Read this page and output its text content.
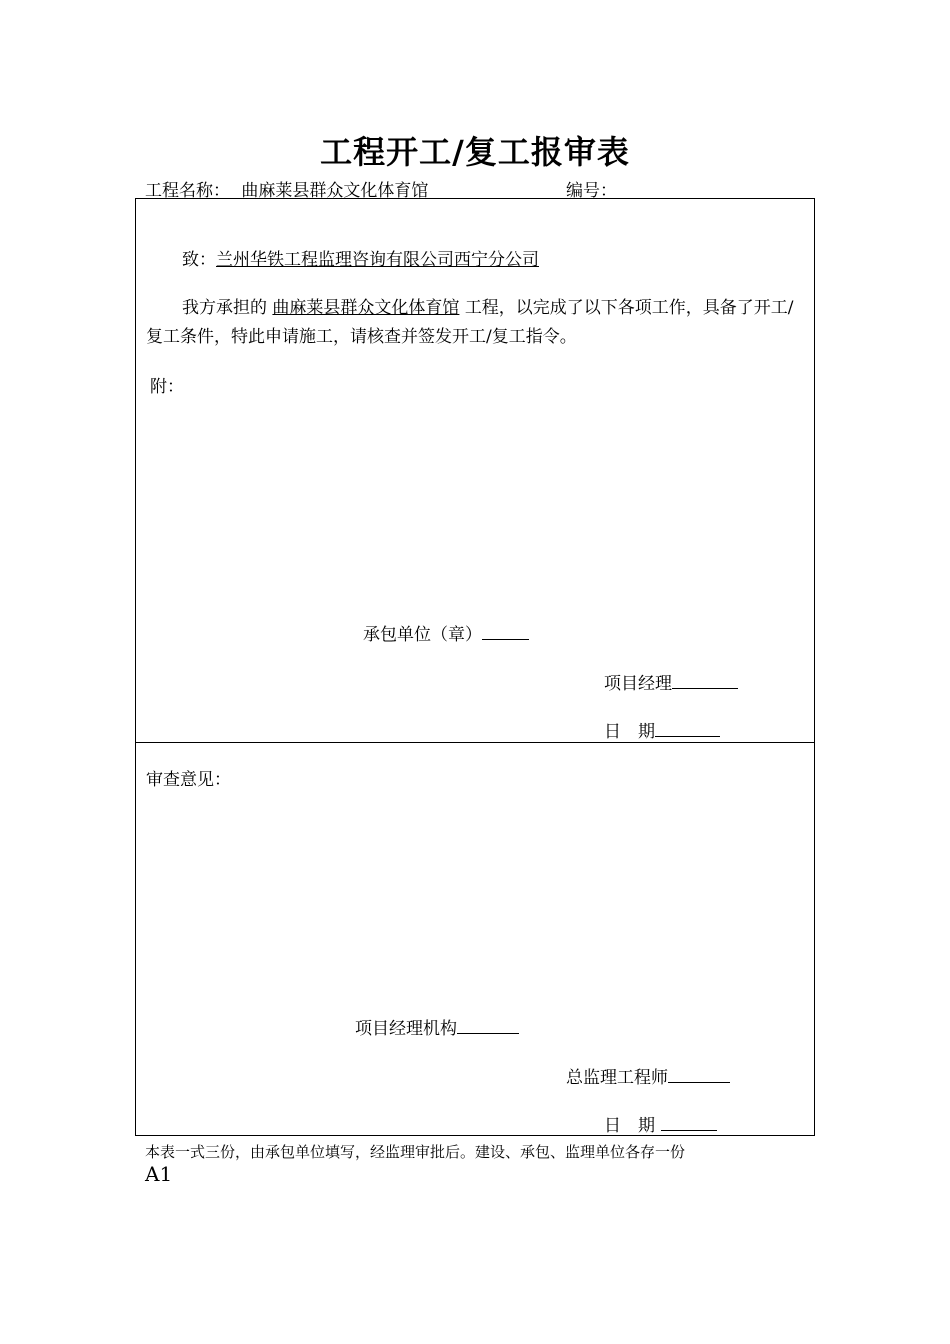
工程开工/复工报审表
工程名称： 曲麻莱县群众文化体育馆	编号：
致：兰州华铁工程监理咨询有限公司西宁分公司
我方承担的 曲麻莱县群众文化体育馆 工程，以完成了以下各项工作，具备了开工/复工条件，特此申请施工，请核查并签发开工/复工指令。
附：
承包单位（章）
项目经理
日　期
审查意见：
项目经理机构
总监理工程师
日　期
本表一式三份，由承包单位填写，经监理审批后。建设、承包、监理单位各存一份
A1
